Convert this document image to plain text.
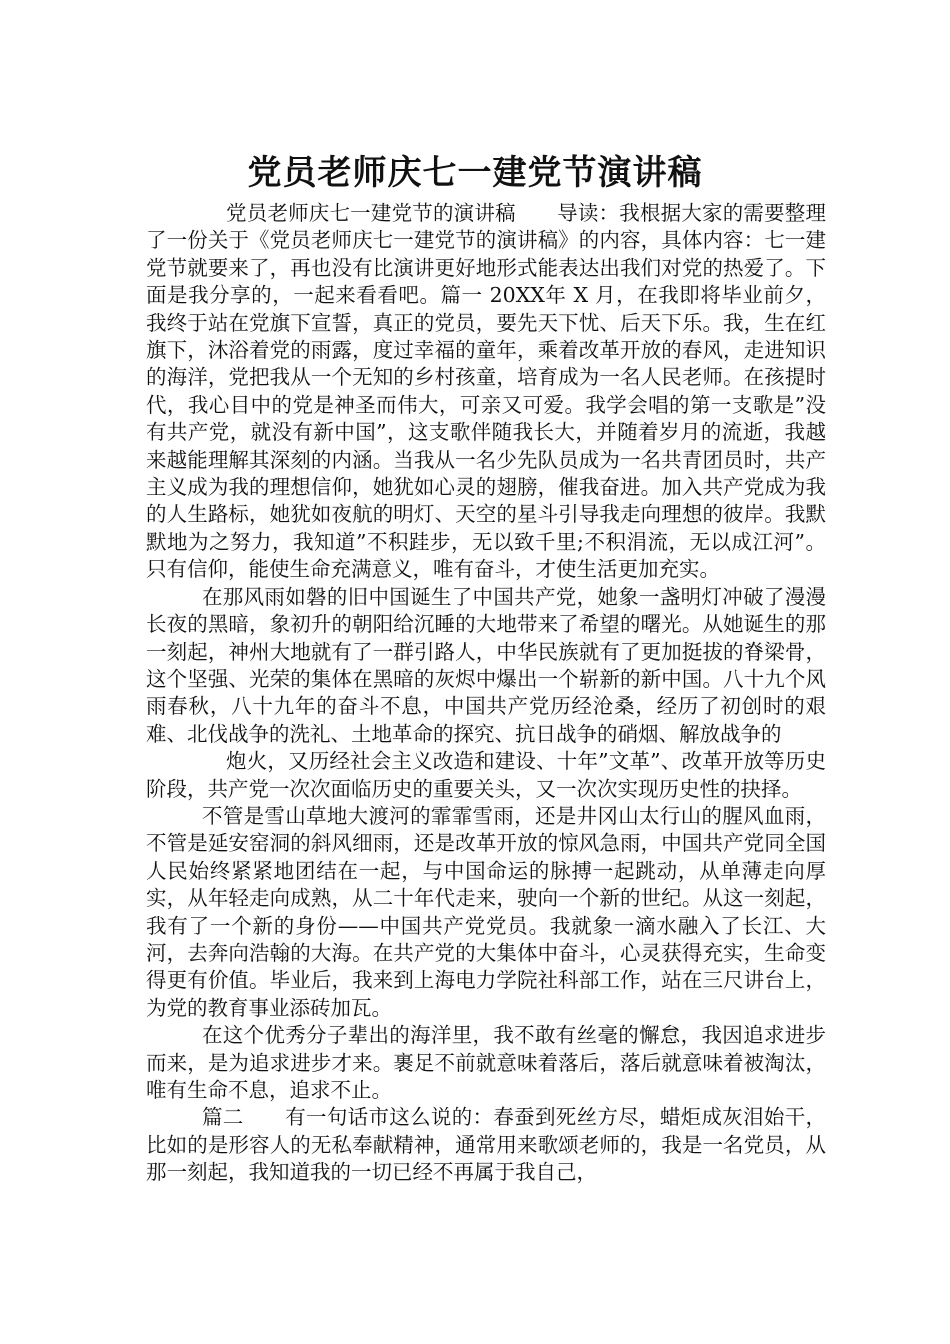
党员老师庆七一建党节演讲稿

党员老师庆七一建党节的演讲稿　　导读：我根据大家的需要整理了一份关于《党员老师庆七一建党节的演讲稿》的内容，具体内容：七一建党节就要来了，再也没有比演讲更好地形式能表达出我们对党的热爱了。下面是我分享的，一起来看看吧。篇一 20XX年 X 月，在我即将毕业前夕，我终于站在党旗下宣誓，真正的党员，要先天下忧、后天下乐。我，生在红旗下，沐浴着党的雨露，度过幸福的童年，乘着改革开放的春风，走进知识的海洋，党把我从一个无知的乡村孩童，培育成为一名人民老师。在孩提时代，我心目中的党是神圣而伟大，可亲又可爱。我学会唱的第一支歌是”没有共产党，就没有新中国”，这支歌伴随我长大，并随着岁月的流逝，我越来越能理解其深刻的内涵。当我从一名少先队员成为一名共青团员时，共产主义成为我的理想信仰，她犹如心灵的翅膀，催我奋进。加入共产党成为我的人生路标，她犹如夜航的明灯、天空的星斗引导我走向理想的彼岸。我默默地为之努力，我知道”不积跬步，无以致千里;不积涓流，无以成江河”。只有信仰，能使生命充满意义，唯有奋斗，才使生活更加充实。

在那风雨如磐的旧中国诞生了中国共产党，她象一盏明灯冲破了漫漫长夜的黑暗，象初升的朝阳给沉睡的大地带来了希望的曙光。从她诞生的那一刻起，神州大地就有了一群引路人，中华民族就有了更加挺拔的脊梁骨，这个坚强、光荣的集体在黑暗的灰烬中爆出一个崭新的新中国。八十九个风雨春秋，八十九年的奋斗不息，中国共产党历经沧桑，经历了初创时的艰难、北伐战争的洗礼、土地革命的探究、抗日战争的硝烟、解放战争的

炮火，又历经社会主义改造和建设、十年”文革”、改革开放等历史阶段，共产党一次次面临历史的重要关头，又一次次实现历史性的抉择。

不管是雪山草地大渡河的霏霏雪雨，还是井冈山太行山的腥风血雨，不管是延安窑洞的斜风细雨，还是改革开放的惊风急雨，中国共产党同全国人民始终紧紧地团结在一起，与中国命运的脉搏一起跳动，从单薄走向厚实，从年轻走向成熟，从二十年代走来，驶向一个新的世纪。从这一刻起，我有了一个新的身份——中国共产党党员。我就象一滴水融入了长江、大河，去奔向浩翰的大海。在共产党的大集体中奋斗，心灵获得充实，生命变得更有价值。毕业后，我来到上海电力学院社科部工作，站在三尺讲台上，为党的教育事业添砖加瓦。

在这个优秀分子辈出的海洋里，我不敢有丝毫的懈怠，我因追求进步而来，是为追求进步才来。裹足不前就意味着落后，落后就意味着被淘汰，唯有生命不息，追求不止。

篇二　　有一句话市这么说的：春蚕到死丝方尽，蜡炬成灰泪始干，比如的是形容人的无私奉献精神，通常用来歌颂老师的，我是一名党员，从那一刻起，我知道我的一切已经不再属于我自己，
